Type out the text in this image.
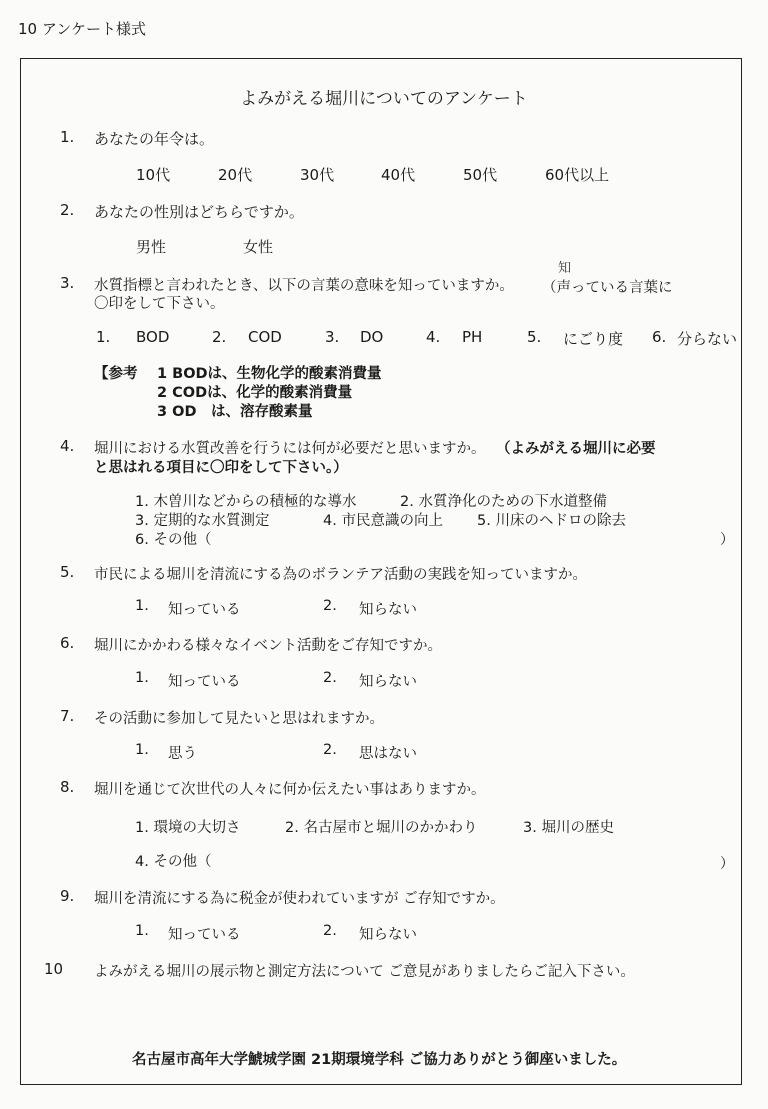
10 アンケート様式
よみがえる堀川についてのアンケート
1. あなたの年令は。
10代	20代	30代	40代	50代	60代以上
2. あなたの性別はどちらですか。
男性	女性
3. 水質指標と言われたとき、以下の言葉の意味を知っていますか。 （声っている言葉に
知
〇印をして下さい。
1. BOD	2. COD	3. DO	4. PH	5. にごり度 6. 分らない
【参考 1 BODは、生物化学的酸素消費量
2 CODは、化学的酸素消費量
3 OD　は、溶存酸素量
4. 堀川における水質改善を行うには何が必要だと思いますか。 （よみがえる堀川に必要
と思はれる項目に〇印をして下さい。）
1. 木曽川などからの積極的な導水	2. 水質浄化のための下水道整備
3. 定期的な水質測定	4. 市民意識の向上 5. 川床のヘドロの除去
6. その他（	）
5. 市民による堀川を清流にする為のボランテア活動の実践を知っていますか。
1. 知っている	2. 知らない
6. 堀川にかかわる様々なイベント活動をご存知ですか。
1. 知っている	2. 知らない
7. その活動に参加して見たいと思はれますか。
1. 思う	2. 思はない
8. 堀川を通じて次世代の人々に何か伝えたい事はありますか。
1. 環境の大切さ	2. 名古屋市と堀川のかかわり	3. 堀川の歴史
4. その他（	）
9. 堀川を清流にする為に税金が使われていますが ご存知ですか。
1. 知っている	2. 知らない
10 よみがえる堀川の展示物と測定方法について ご意見がありましたらご記入下さい。
名古屋市高年大学鯱城学園 21期環境学科 ご協力ありがとう御座いました。
